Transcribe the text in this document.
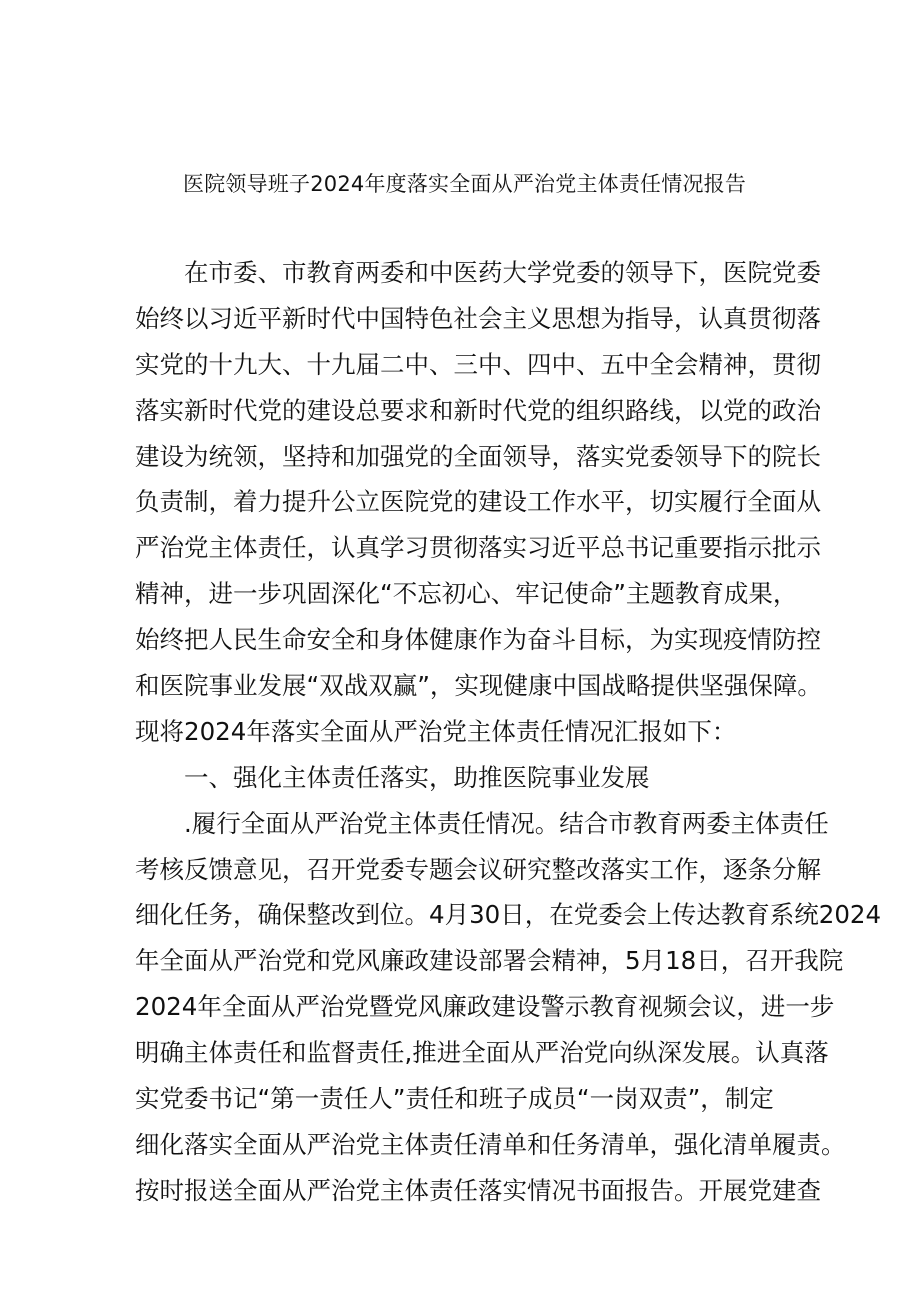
医院领导班子2024年度落实全面从严治党主体责任情况报告
在市委、市教育两委和中医药大学党委的领导下，医院党委
始终以习近平新时代中国特色社会主义思想为指导，认真贯彻落
实党的十九大、十九届二中、三中、四中、五中全会精神，贯彻
落实新时代党的建设总要求和新时代党的组织路线，以党的政治
建设为统领，坚持和加强党的全面领导，落实党委领导下的院长
负责制，着力提升公立医院党的建设工作水平，切实履行全面从
严治党主体责任，认真学习贯彻落实习近平总书记重要指示批示
精神，进一步巩固深化“不忘初心、牢记使命”主题教育成果，
始终把人民生命安全和身体健康作为奋斗目标，为实现疫情防控
和医院事业发展“双战双赢”，实现健康中国战略提供坚强保障。
现将2024年落实全面从严治党主体责任情况汇报如下：
一、强化主体责任落实，助推医院事业发展
.履行全面从严治党主体责任情况。结合市教育两委主体责任
考核反馈意见，召开党委专题会议研究整改落实工作，逐条分解
细化任务，确保整改到位。4月30日，在党委会上传达教育系统2024
年全面从严治党和党风廉政建设部署会精神，5月18日，召开我院
2024年全面从严治党暨党风廉政建设警示教育视频会议，进一步
明确主体责任和监督责任,推进全面从严治党向纵深发展。认真落
实党委书记“第一责任人”责任和班子成员“一岗双责”，制定
细化落实全面从严治党主体责任清单和任务清单，强化清单履责。
按时报送全面从严治党主体责任落实情况书面报告。开展党建查
